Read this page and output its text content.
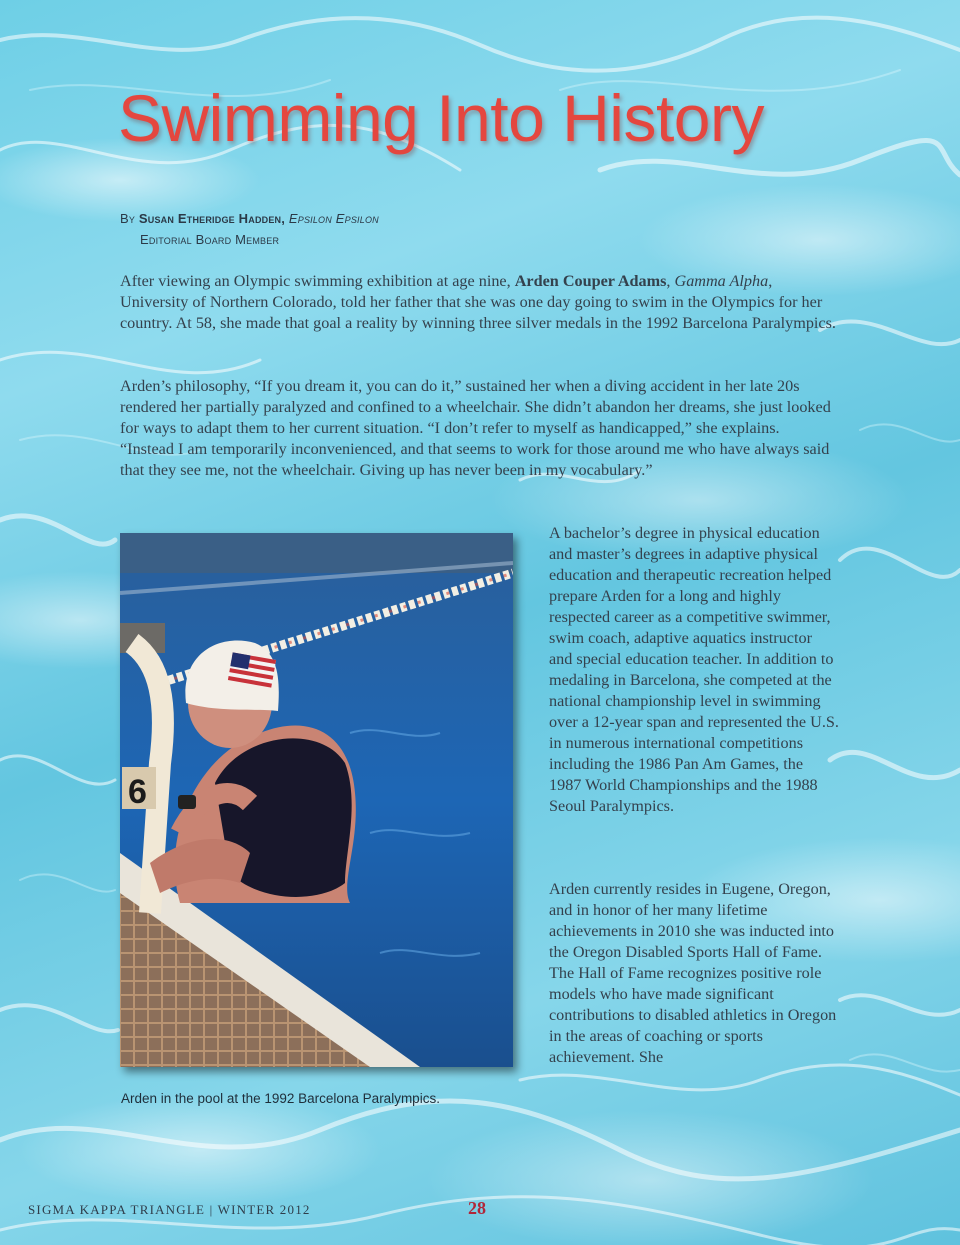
Swimming Into History
By Susan Etheridge Hadden, Epsilon Epsilon
Editorial Board Member

After viewing an Olympic swimming exhibition at age nine, Arden Couper Adams, Gamma Alpha, University of Northern Colorado, told her father that she was one day going to swim in the Olympics for her country. At 58, she made that goal a reality by winning three silver medals in the 1992 Barcelona Paralympics.

Arden’s philosophy, “If you dream it, you can do it,” sustained her when a diving accident in her late 20s rendered her partially paralyzed and confined to a wheelchair. She didn’t abandon her dreams, she just looked for ways to adapt them to her current situation. “I don’t refer to myself as handicapped,” she explains. “Instead I am temporarily inconvenienced, and that seems to work for those around me who have always said that they see me, not the wheelchair. Giving up has never been in my vocabulary.”

6

A bachelor’s degree in physical education and master’s degrees in adaptive physical education and therapeutic recreation helped prepare Arden for a long and highly respected career as a competitive swimmer, swim coach, adaptive aquatics instructor and special education teacher. In addition to medaling in Barcelona, she competed at the national championship level in swimming over a 12-year span and represented the U.S. in numerous international competitions including the 1986 Pan Am Games, the 1987 World Championships and the 1988 Seoul Paralympics.

Arden currently resides in Eugene, Oregon, and in honor of her many lifetime achievements in 2010 she was inducted into the Oregon Disabled Sports Hall of Fame. The Hall of Fame recognizes positive role models who have made significant contributions to disabled athletics in Oregon in the areas of coaching or sports achievement. She

Arden in the pool at the 1992 Barcelona Paralympics.
SIGMA KAPPA TRIANGLE | WINTER 2012	28
